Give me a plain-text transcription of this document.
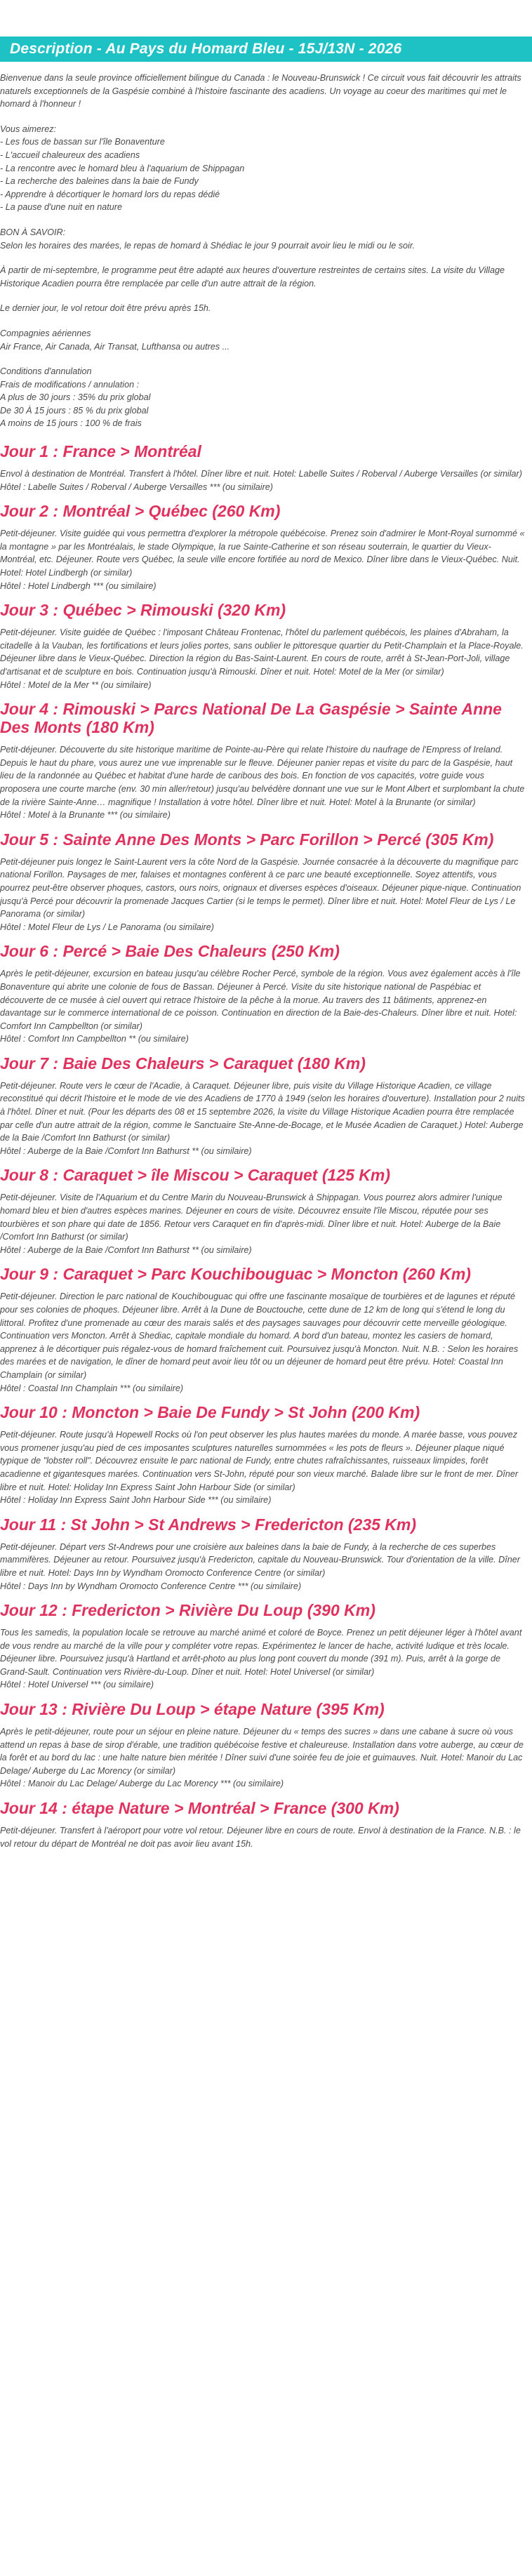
Description - Au Pays du Homard Bleu - 15J/13N - 2026

Bienvenue dans la seule province officiellement bilingue du Canada : le Nouveau-Brunswick ! Ce circuit vous fait découvrir les attraits naturels exceptionnels de la Gaspésie combiné à l'histoire fascinante des acadiens. Un voyage au coeur des maritimes qui met le homard à l'honneur !

Vous aimerez:
- Les fous de bassan sur l'île Bonaventure
- L'accueil chaleureux des acadiens
- La rencontre avec le homard bleu à l'aquarium de Shippagan
- La recherche des baleines dans la baie de Fundy
- Apprendre à décortiquer le homard lors du repas dédié
- La pause d'une nuit en nature

BON À SAVOIR:
Selon les horaires des marées, le repas de homard à Shédiac le jour 9 pourrait avoir lieu le midi ou le soir.

À partir de mi-septembre, le programme peut être adapté aux heures d'ouverture restreintes de certains sites. La visite du Village Historique Acadien pourra être remplacée par celle d'un autre attrait de la région.

Le dernier jour, le vol retour doit être prévu après 15h.

Compagnies aériennes
Air France, Air Canada, Air Transat, Lufthansa ou autres ...

Conditions d'annulation
Frais de modifications / annulation :
A plus de 30 jours : 35% du prix global
De 30 À 15 jours : 85 % du prix global
A moins de 15 jours : 100 % de frais

Jour 1 : France > Montréal

Envol à destination de Montréal. Transfert à l'hôtel. Dîner libre et nuit. Hotel: Labelle Suites / Roberval / Auberge Versailles (or similar)

Hôtel : Labelle Suites / Roberval / Auberge Versailles *** (ou similaire)

Jour 2 : Montréal > Québec (260 Km)

Petit-déjeuner. Visite guidée qui vous permettra d'explorer la métropole québécoise. Prenez soin d'admirer le Mont-Royal surnommé « la montagne » par les Montréalais, le stade Olympique, la rue Sainte-Catherine et son réseau souterrain, le quartier du Vieux-Montréal, etc. Déjeuner. Route vers Québec, la seule ville encore fortifiée au nord de Mexico. Dîner libre dans le Vieux-Québec. Nuit. Hotel: Hotel Lindbergh (or similar)

Hôtel : Hotel Lindbergh *** (ou similaire)

Jour 3 : Québec > Rimouski (320 Km)

Petit-déjeuner. Visite guidée de Québec : l'imposant Château Frontenac, l'hôtel du parlement québécois, les plaines d'Abraham, la citadelle à la Vauban, les fortifications et leurs jolies portes, sans oublier le pittoresque quartier du Petit-Champlain et la Place-Royale. Déjeuner libre dans le Vieux-Québec. Direction la région du Bas-Saint-Laurent. En cours de route, arrêt à St-Jean-Port-Joli, village d'artisanat et de sculpture en bois. Continuation jusqu'à Rimouski. Dîner et nuit. Hotel: Motel de la Mer (or similar)

Hôtel : Motel de la Mer ** (ou similaire)

Jour 4 : Rimouski > Parcs National De La Gaspésie > Sainte Anne Des Monts (180 Km)

Petit-déjeuner. Découverte du site historique maritime de Pointe-au-Père qui relate l'histoire du naufrage de l'Empress of Ireland. Depuis le haut du phare, vous aurez une vue imprenable sur le fleuve. Déjeuner panier repas et visite du parc de la Gaspésie, haut lieu de la randonnée au Québec et habitat d'une harde de caribous des bois. En fonction de vos capacités, votre guide vous proposera une courte marche (env. 30 min aller/retour) jusqu'au belvédère donnant une vue sur le Mont Albert et surplombant la chute de la rivière Sainte-Anne… magnifique ! Installation à votre hôtel. Dîner libre et nuit. Hotel: Motel à la Brunante (or similar)

Hôtel : Motel à la Brunante *** (ou similaire)

Jour 5 : Sainte Anne Des Monts > Parc Forillon > Percé (305 Km)

Petit-déjeuner puis longez le Saint-Laurent vers la côte Nord de la Gaspésie. Journée consacrée à la découverte du magnifique parc national Forillon. Paysages de mer, falaises et montagnes confèrent à ce parc une beauté exceptionnelle. Soyez attentifs, vous pourrez peut-être observer phoques, castors, ours noirs, orignaux et diverses espèces d'oiseaux. Déjeuner pique-nique. Continuation jusqu'à Percé pour découvrir la promenade Jacques Cartier (si le temps le permet). Dîner libre et nuit. Hotel: Motel Fleur de Lys / Le Panorama (or similar)

Hôtel : Motel Fleur de Lys / Le Panorama (ou similaire)

Jour 6 : Percé > Baie Des Chaleurs (250 Km)

Après le petit-déjeuner, excursion en bateau jusqu'au célèbre Rocher Percé, symbole de la région. Vous avez également accès à l'île Bonaventure qui abrite une colonie de fous de Bassan. Déjeuner à Percé. Visite du site historique national de Paspébiac et découverte de ce musée à ciel ouvert qui retrace l'histoire de la pêche à la morue. Au travers des 11 bâtiments, apprenez-en davantage sur le commerce international de ce poisson. Continuation en direction de la Baie-des-Chaleurs. Dîner libre et nuit. Hotel: Comfort Inn Campbellton (or similar)

Hôtel : Comfort Inn Campbellton ** (ou similaire)

Jour 7 : Baie Des Chaleurs > Caraquet (180 Km)

Petit-déjeuner. Route vers le cœur de l'Acadie, à Caraquet. Déjeuner libre, puis visite du Village Historique Acadien, ce village reconstitué qui décrit l'histoire et le mode de vie des Acadiens de 1770 à 1949 (selon les horaires d'ouverture). Installation pour 2 nuits à l'hôtel. Dîner et nuit. (Pour les départs des 08 et 15 septembre 2026, la visite du Village Historique Acadien pourra être remplacée par celle d'un autre attrait de la région, comme le Sanctuaire Ste-Anne-de-Bocage, et le Musée Acadien de Caraquet.) Hotel: Auberge de la Baie /Comfort Inn Bathurst (or similar)

Hôtel : Auberge de la Baie /Comfort Inn Bathurst ** (ou similaire)

Jour 8 : Caraquet > île Miscou > Caraquet (125 Km)

Petit-déjeuner. Visite de l'Aquarium et du Centre Marin du Nouveau-Brunswick à Shippagan. Vous pourrez alors admirer l'unique homard bleu et bien d'autres espèces marines. Déjeuner en cours de visite. Découvrez ensuite l'île Miscou, réputée pour ses tourbières et son phare qui date de 1856. Retour vers Caraquet en fin d'après-midi. Dîner libre et nuit. Hotel: Auberge de la Baie /Comfort Inn Bathurst (or similar)

Hôtel : Auberge de la Baie /Comfort Inn Bathurst ** (ou similaire)

Jour 9 : Caraquet > Parc Kouchibouguac > Moncton (260 Km)

Petit-déjeuner. Direction le parc national de Kouchibouguac qui offre une fascinante mosaïque de tourbières et de lagunes et réputé pour ses colonies de phoques. Déjeuner libre. Arrêt à la Dune de Bouctouche, cette dune de 12 km de long qui s'étend le long du littoral. Profitez d'une promenade au cœur des marais salés et des paysages sauvages pour découvrir cette merveille géologique. Continuation vers Moncton. Arrêt à Shediac, capitale mondiale du homard. A bord d'un bateau, montez les casiers de homard, apprenez à le décortiquer puis régalez-vous de homard fraîchement cuit. Poursuivez jusqu'à Moncton. Nuit. N.B. : Selon les horaires des marées et de navigation, le dîner de homard peut avoir lieu tôt ou un déjeuner de homard peut être prévu. Hotel: Coastal Inn Champlain (or similar)

Hôtel : Coastal Inn Champlain *** (ou similaire)

Jour 10 : Moncton > Baie De Fundy > St John (200 Km)

Petit-déjeuner. Route jusqu'à Hopewell Rocks où l'on peut observer les plus hautes marées du monde. A marée basse, vous pouvez vous promener jusqu'au pied de ces imposantes sculptures naturelles surnommées « les pots de fleurs ». Déjeuner plaque niqué typique de "lobster roll". Découvrez ensuite le parc national de Fundy, entre chutes rafraîchissantes, ruisseaux limpides, forêt acadienne et gigantesques marées. Continuation vers St-John, réputé pour son vieux marché. Balade libre sur le front de mer. Dîner libre et nuit. Hotel: Holiday Inn Express Saint John Harbour Side (or similar)

Hôtel : Holiday Inn Express Saint John Harbour Side *** (ou similaire)

Jour 11 : St John > St Andrews > Fredericton (235 Km)

Petit-déjeuner. Départ vers St-Andrews pour une croisière aux baleines dans la baie de Fundy, à la recherche de ces superbes mammifères. Déjeuner au retour. Poursuivez jusqu'à Fredericton, capitale du Nouveau-Brunswick. Tour d'orientation de la ville. Dîner libre et nuit. Hotel: Days Inn by Wyndham Oromocto Conference Centre (or similar)

Hôtel : Days Inn by Wyndham Oromocto Conference Centre *** (ou similaire)

Jour 12 : Fredericton > Rivière Du Loup (390 Km)

Tous les samedis, la population locale se retrouve au marché animé et coloré de Boyce. Prenez un petit déjeuner léger à l'hôtel avant de vous rendre au marché de la ville pour y compléter votre repas. Expérimentez le lancer de hache, activité ludique et très locale. Déjeuner libre. Poursuivez jusqu'à Hartland et arrêt-photo au plus long pont couvert du monde (391 m). Puis, arrêt à la gorge de Grand-Sault. Continuation vers Rivière-du-Loup. Dîner et nuit. Hotel: Hotel Universel (or similar)

Hôtel : Hotel Universel *** (ou similaire)

Jour 13 : Rivière Du Loup > étape Nature (395 Km)

Après le petit-déjeuner, route pour un séjour en pleine nature. Déjeuner du « temps des sucres » dans une cabane à sucre où vous attend un repas à base de sirop d'érable, une tradition québécoise festive et chaleureuse. Installation dans votre auberge, au cœur de la forêt et au bord du lac : une halte nature bien méritée ! Dîner suivi d'une soirée feu de joie et guimauves. Nuit. Hotel: Manoir du Lac Delage/ Auberge du Lac Morency (or similar)

Hôtel : Manoir du Lac Delage/ Auberge du Lac Morency *** (ou similaire)

Jour 14 : étape Nature > Montréal > France (300 Km)

Petit-déjeuner. Transfert à l'aéroport pour votre vol retour. Déjeuner libre en cours de route. Envol à destination de la France. N.B. : le vol retour du départ de Montréal ne doit pas avoir lieu avant 15h.
